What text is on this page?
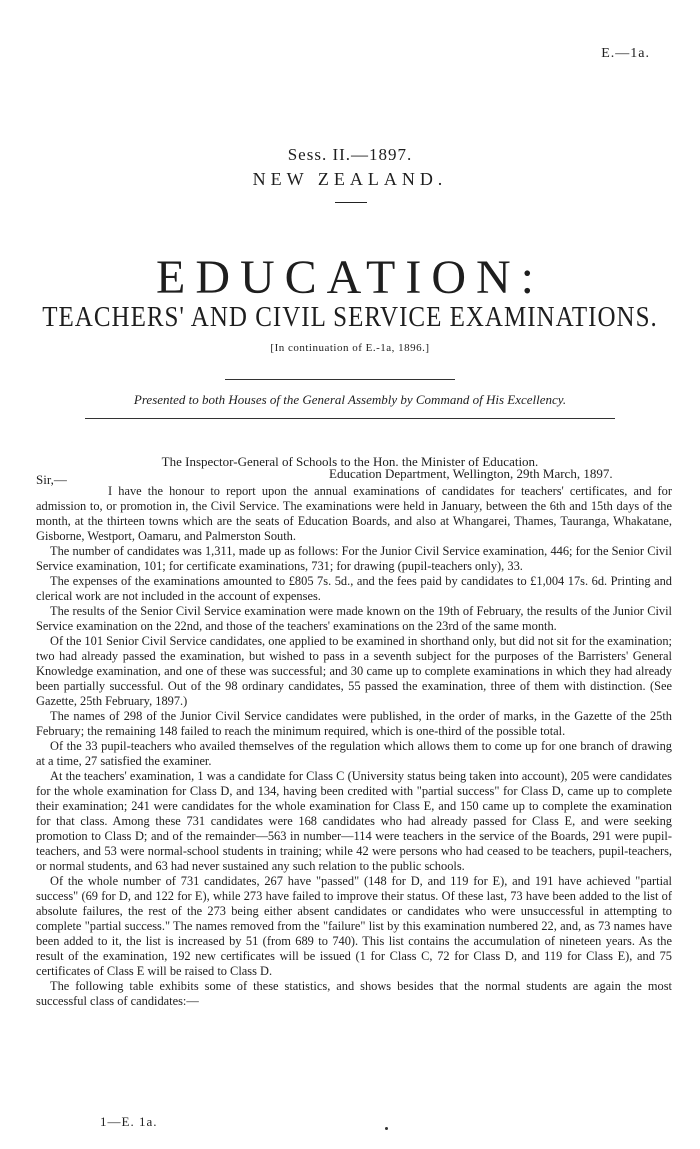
E.—1a.
Sess. II.—1897.
NEW ZEALAND.
EDUCATION:
TEACHERS' AND CIVIL SERVICE EXAMINATIONS.
[In continuation of E.-1a, 1896.]
Presented to both Houses of the General Assembly by Command of His Excellency.
The Inspector-General of Schools to the Hon. the Minister of Education.
Education Department, Wellington, 29th March, 1897.
Sir,—

I have the honour to report upon the annual examinations of candidates for teachers' certificates, and for admission to, or promotion in, the Civil Service. The examinations were held in January, between the 6th and 15th days of the month, at the thirteen towns which are the seats of Education Boards, and also at Whangarei, Thames, Tauranga, Whakatane, Gisborne, Westport, Oamaru, and Palmerston South.

The number of candidates was 1,311, made up as follows: For the Junior Civil Service examination, 446; for the Senior Civil Service examination, 101; for certificate examinations, 731; for drawing (pupil-teachers only), 33.

The expenses of the examinations amounted to £805 7s. 5d., and the fees paid by candidates to £1,004 17s. 6d. Printing and clerical work are not included in the account of expenses.

The results of the Senior Civil Service examination were made known on the 19th of February, the results of the Junior Civil Service examination on the 22nd, and those of the teachers' examinations on the 23rd of the same month.

Of the 101 Senior Civil Service candidates, one applied to be examined in shorthand only, but did not sit for the examination; two had already passed the examination, but wished to pass in a seventh subject for the purposes of the Barristers' General Knowledge examination, and one of these was successful; and 30 came up to complete examinations in which they had already been partially successful. Out of the 98 ordinary candidates, 55 passed the examination, three of them with distinction. (See Gazette, 25th February, 1897.)

The names of 298 of the Junior Civil Service candidates were published, in the order of marks, in the Gazette of the 25th February; the remaining 148 failed to reach the minimum required, which is one-third of the possible total.

Of the 33 pupil-teachers who availed themselves of the regulation which allows them to come up for one branch of drawing at a time, 27 satisfied the examiner.

At the teachers' examination, 1 was a candidate for Class C (University status being taken into account), 205 were candidates for the whole examination for Class D, and 134, having been credited with "partial success" for Class D, came up to complete their examination; 241 were candidates for the whole examination for Class E, and 150 came up to complete the examination for that class. Among these 731 candidates were 168 candidates who had already passed for Class E, and were seeking promotion to Class D; and of the remainder—563 in number—114 were teachers in the service of the Boards, 291 were pupil-teachers, and 53 were normal-school students in training; while 42 were persons who had ceased to be teachers, pupil-teachers, or normal students, and 63 had never sustained any such relation to the public schools.

Of the whole number of 731 candidates, 267 have "passed" (148 for D, and 119 for E), and 191 have achieved "partial success" (69 for D, and 122 for E), while 273 have failed to improve their status. Of these last, 73 have been added to the list of absolute failures, the rest of the 273 being either absent candidates or candidates who were unsuccessful in attempting to complete "partial success." The names removed from the "failure" list by this examination numbered 22, and, as 73 names have been added to it, the list is increased by 51 (from 689 to 740). This list contains the accumulation of nineteen years. As the result of the examination, 192 new certificates will be issued (1 for Class C, 72 for Class D, and 119 for Class E), and 75 certificates of Class E will be raised to Class D.

The following table exhibits some of these statistics, and shows besides that the normal students are again the most successful class of candidates:—

1—E. 1a.
